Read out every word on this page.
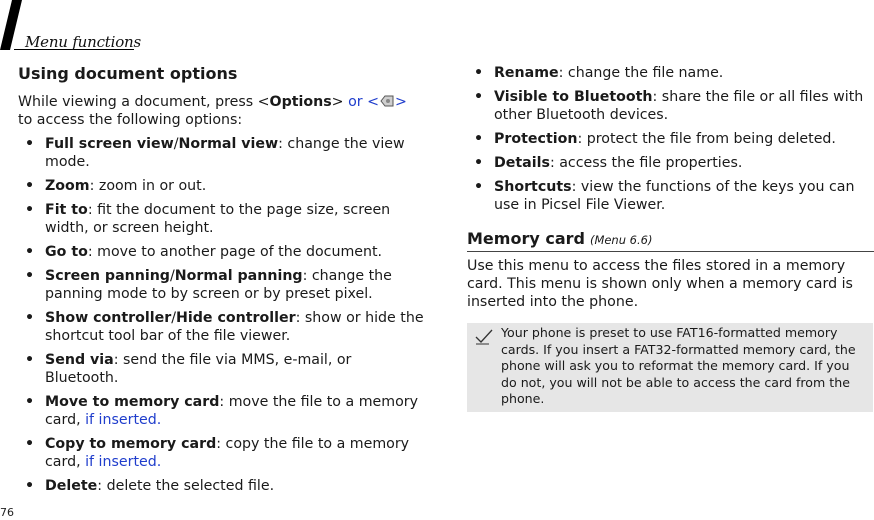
Menu functions
Using document options

While viewing a document, press <Options> or < >
to access the following options:

• Full screen view/Normal view: change the view mode.
• Zoom: zoom in or out.
• Fit to: fit the document to the page size, screen width, or screen height.
• Go to: move to another page of the document.
• Screen panning/Normal panning: change the panning mode to by screen or by preset pixel.
• Show controller/Hide controller: show or hide the shortcut tool bar of the file viewer.
• Send via: send the file via MMS, e-mail, or Bluetooth.
• Move to memory card: move the file to a memory card, if inserted.
• Copy to memory card: copy the file to a memory card, if inserted.
• Delete: delete the selected file.
• Rename: change the file name.
• Visible to Bluetooth: share the file or all files with other Bluetooth devices.
• Protection: protect the file from being deleted.
• Details: access the file properties.
• Shortcuts: view the functions of the keys you can use in Picsel File Viewer.
Memory card (Menu 6.6)

Use this menu to access the files stored in a memory card. This menu is shown only when a memory card is inserted into the phone.

Your phone is preset to use FAT16-formatted memory cards. If you insert a FAT32-formatted memory card, the phone will ask you to reformat the memory card. If you do not, you will not be able to access the card from the phone.
76
